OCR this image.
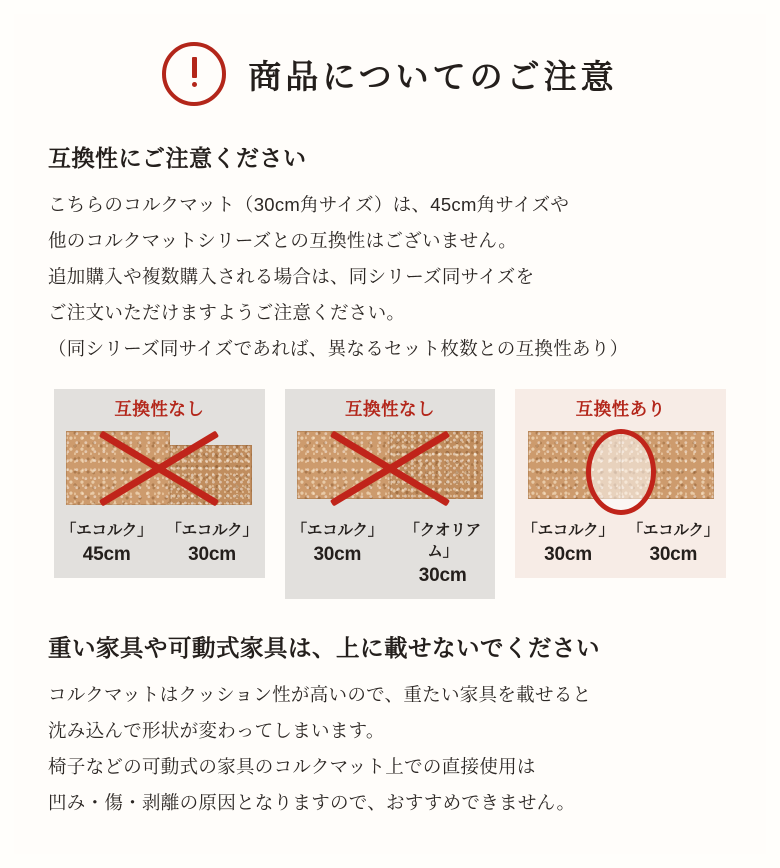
商品についてのご注意
互換性にご注意ください
こちらのコルクマット（30cm角サイズ）は、45cm角サイズや
他のコルクマットシリーズとの互換性はございません。
追加購入や複数購入される場合は、同シリーズ同サイズを
ご注文いただけますようご注意ください。
（同シリーズ同サイズであれば、異なるセット枚数との互換性あり）
互換性なし
「エコルク」
45cm
「エコルク」
30cm
互換性なし
「エコルク」
30cm
「クオリアム」
30cm
互換性あり
「エコルク」
30cm
「エコルク」
30cm
重い家具や可動式家具は、上に載せないでください
コルクマットはクッション性が高いので、重たい家具を載せると
沈み込んで形状が変わってしまいます。
椅子などの可動式の家具のコルクマット上での直接使用は
凹み・傷・剥離の原因となりますので、おすすめできません。
